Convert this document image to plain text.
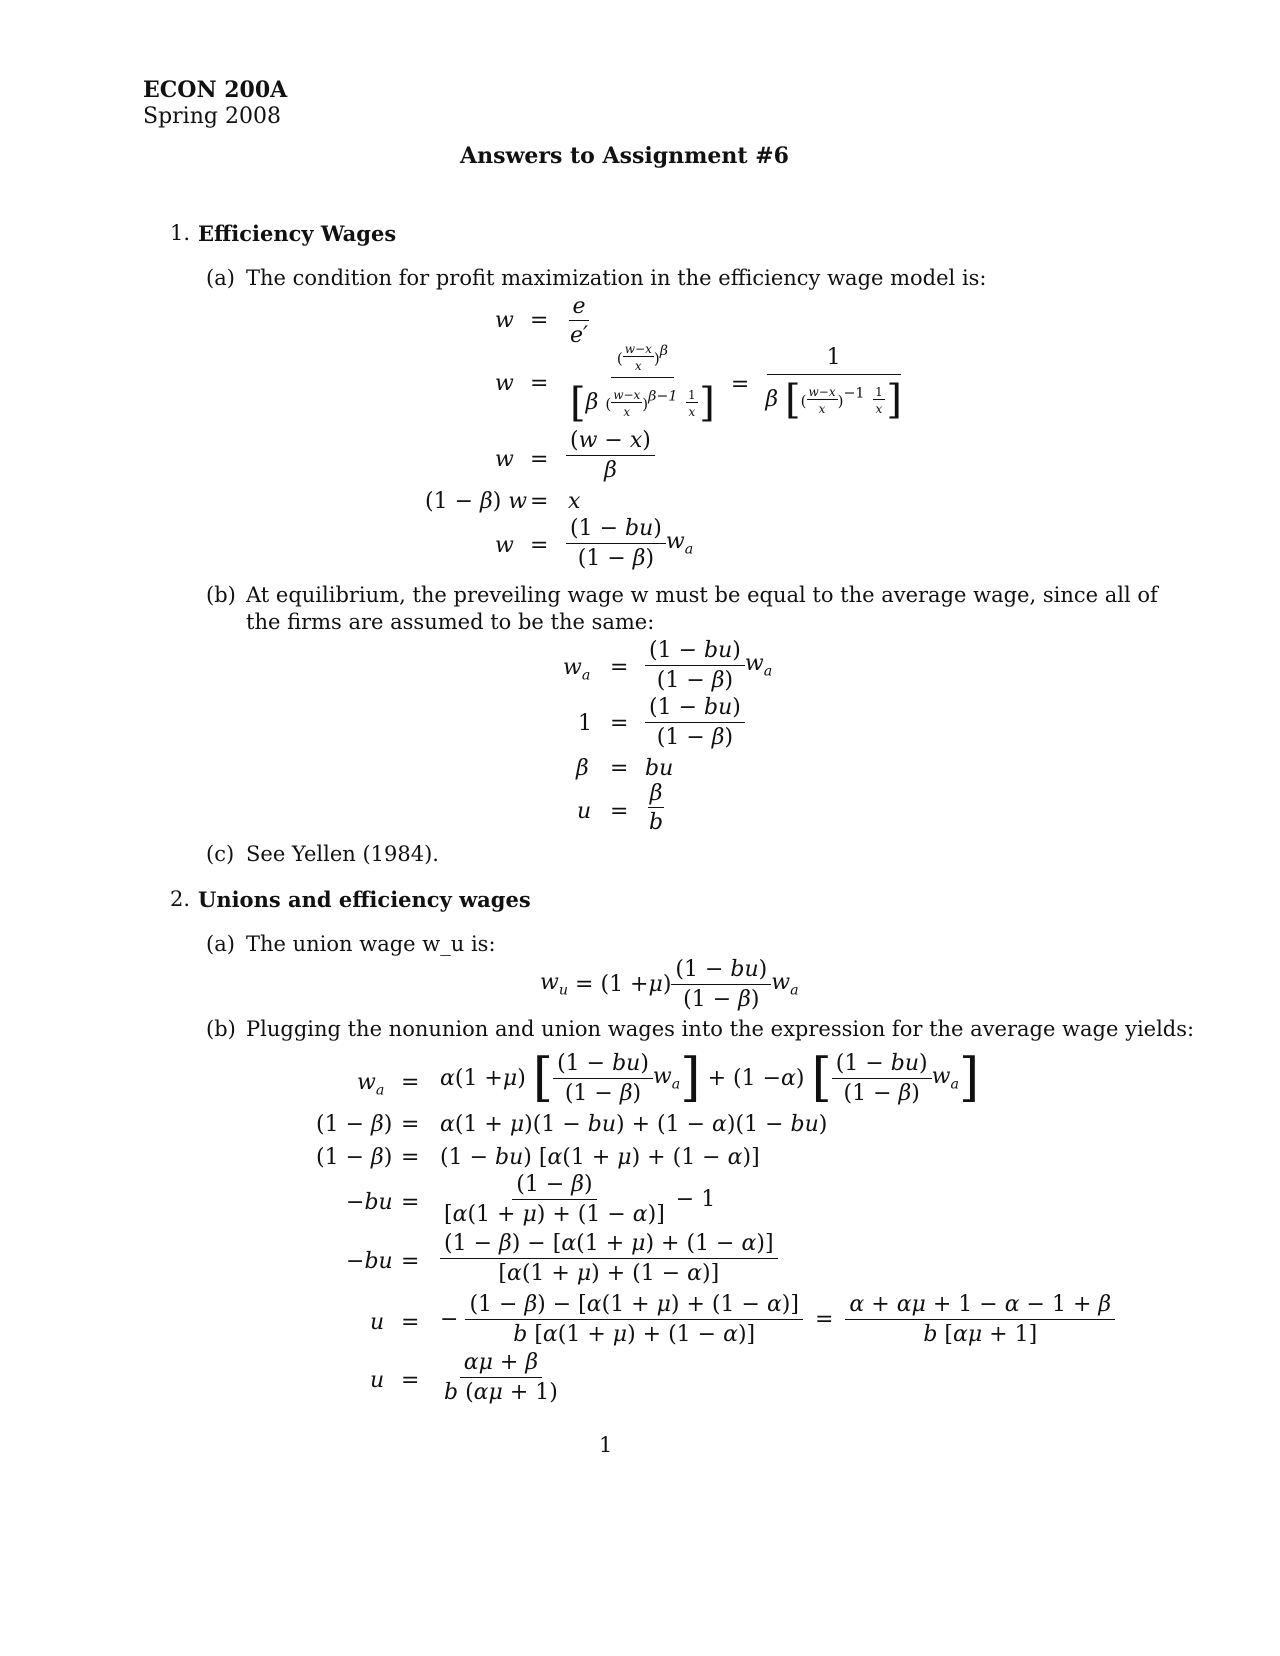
ECON 200A
Spring 2008
Answers to Assignment #6
1. Efficiency Wages
(a) The condition for profit maximization in the efficiency wage model is:
$w = \frac{e}{e'}$
$w = \frac{( \frac{w-x}{x} )^\beta}{[\beta ( \frac{w-x}{x} )^{\beta-1} \frac{1}{x} ]} = \frac{1}{\beta [( \frac{w-x}{x} )^{-1} \frac{1}{x} ]}$
$w = \frac{(w - x)}{\beta}$
(1 − β) w = x
$w = \frac{(1 - bu)}{(1 - \beta)} w_a$
(b) At equilibrium, the preveiling wage w must be equal to the average wage, since all of
the firms are assumed to be the same:
$w_a = \frac{(1 - bu)}{(1 - \beta)} w_a$
$1 = \frac{(1 - bu)}{(1 - \beta)}$
β = bu
$u = \frac{\beta}{b}$
(c) See Yellen (1984).
2. Unions and efficiency wages
(a) The union wage w_u is:
$w_u = (1 + \mu$ ) $\frac{(1 - bu)}{(1 - \beta)} w_a$
(b) Plugging the nonunion and union wages into the expression for the average wage yields:
$w_a = \alpha$ (1 + μ ) [ $\frac{(1 - bu)}{(1 - \beta)} w_a$ ] + (1 − α ) [ $\frac{(1 - bu)}{(1 - \beta)} w_a$ ]
(1 − β) = α(1 + μ)(1 − bu) + (1 − α)(1 − bu)
(1 − β) = (1 − bu) [α(1 + μ) + (1 − α)]
$-bu = \frac{(1 - \beta)}{[\alpha(1 + \mu) + (1 - \alpha)]} - 1$
$-bu = \frac{(1 - \beta) - [\alpha(1 + \mu) + (1 - \alpha)]}{[\alpha(1 + \mu) + (1 - \alpha)]}$
u = − $\frac{(1 - \beta) - [\alpha(1 + \mu) + (1 - \alpha)]}{b [\alpha(1 + \mu) + (1 - \alpha)]} = \frac{\alpha + \alpha\mu + 1 - \alpha - 1 + \beta}{b [\alpha\mu + 1]}$
$u = \frac{\alpha\mu + \beta}{b (\alpha\mu + 1)}$
1
